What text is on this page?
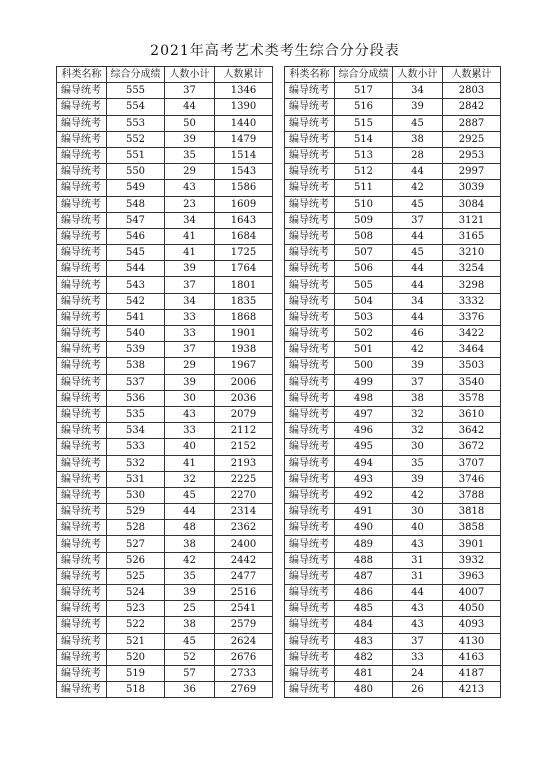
2021年高考艺术类考生综合分分段表
科类名称	综合分成绩	人数小计	人数累计
编导统考	555	37	1346
编导统考	554	44	1390
编导统考	553	50	1440
编导统考	552	39	1479
编导统考	551	35	1514
编导统考	550	29	1543
编导统考	549	43	1586
编导统考	548	23	1609
编导统考	547	34	1643
编导统考	546	41	1684
编导统考	545	41	1725
编导统考	544	39	1764
编导统考	543	37	1801
编导统考	542	34	1835
编导统考	541	33	1868
编导统考	540	33	1901
编导统考	539	37	1938
编导统考	538	29	1967
编导统考	537	39	2006
编导统考	536	30	2036
编导统考	535	43	2079
编导统考	534	33	2112
编导统考	533	40	2152
编导统考	532	41	2193
编导统考	531	32	2225
编导统考	530	45	2270
编导统考	529	44	2314
编导统考	528	48	2362
编导统考	527	38	2400
编导统考	526	42	2442
编导统考	525	35	2477
编导统考	524	39	2516
编导统考	523	25	2541
编导统考	522	38	2579
编导统考	521	45	2624
编导统考	520	52	2676
编导统考	519	57	2733
编导统考	518	36	2769
科类名称	综合分成绩	人数小计	人数累计
编导统考	517	34	2803
编导统考	516	39	2842
编导统考	515	45	2887
编导统考	514	38	2925
编导统考	513	28	2953
编导统考	512	44	2997
编导统考	511	42	3039
编导统考	510	45	3084
编导统考	509	37	3121
编导统考	508	44	3165
编导统考	507	45	3210
编导统考	506	44	3254
编导统考	505	44	3298
编导统考	504	34	3332
编导统考	503	44	3376
编导统考	502	46	3422
编导统考	501	42	3464
编导统考	500	39	3503
编导统考	499	37	3540
编导统考	498	38	3578
编导统考	497	32	3610
编导统考	496	32	3642
编导统考	495	30	3672
编导统考	494	35	3707
编导统考	493	39	3746
编导统考	492	42	3788
编导统考	491	30	3818
编导统考	490	40	3858
编导统考	489	43	3901
编导统考	488	31	3932
编导统考	487	31	3963
编导统考	486	44	4007
编导统考	485	43	4050
编导统考	484	43	4093
编导统考	483	37	4130
编导统考	482	33	4163
编导统考	481	24	4187
编导统考	480	26	4213
